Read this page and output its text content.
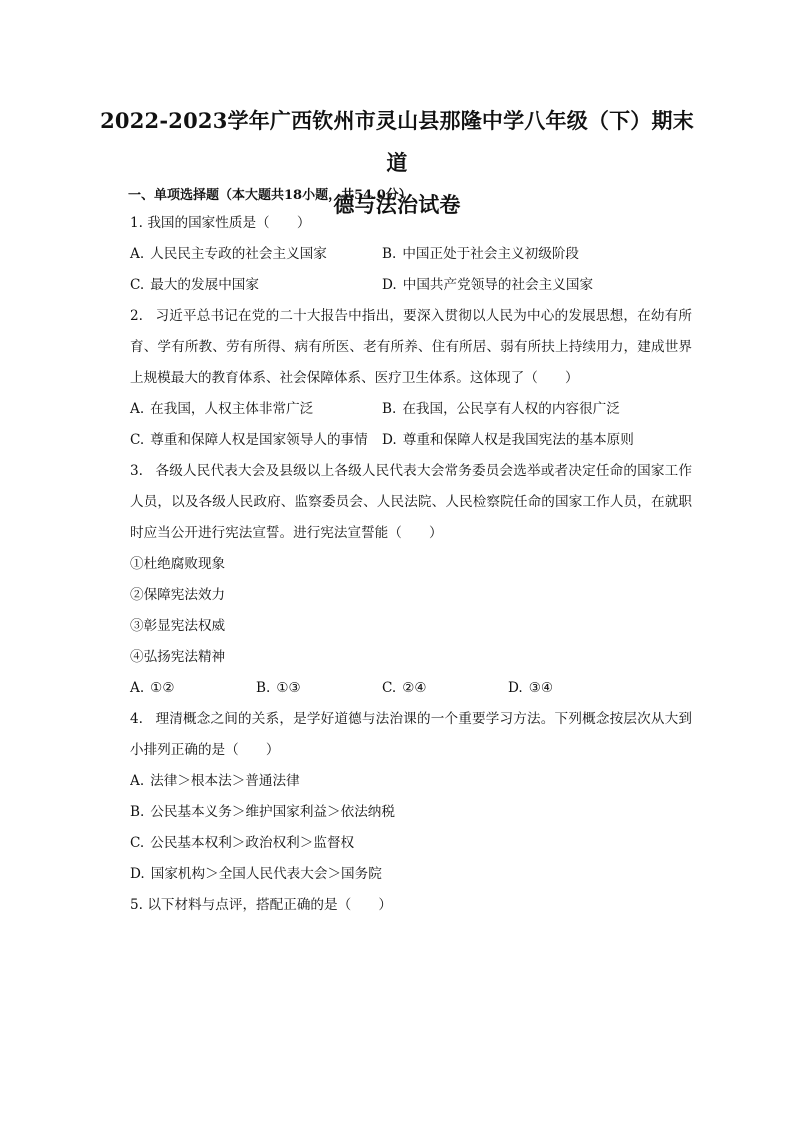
2022-2023学年广西钦州市灵山县那隆中学八年级（下）期末道
德与法治试卷
一、单项选择题（本大题共18小题，共54.0分）
1. 我国的国家性质是（　　）
A. 人民民主专政的社会主义国家	B. 中国正处于社会主义初级阶段
C. 最大的发展中国家	D. 中国共产党领导的社会主义国家
2. 习近平总书记在党的二十大报告中指出，要深入贯彻以人民为中心的发展思想，在幼有所育、学有所教、劳有所得、病有所医、老有所养、住有所居、弱有所扶上持续用力，建成世界上规模最大的教育体系、社会保障体系、医疗卫生体系。这体现了（　　）
A. 在我国，人权主体非常广泛	B. 在我国，公民享有人权的内容很广泛
C. 尊重和保障人权是国家领导人的事情	D. 尊重和保障人权是我国宪法的基本原则
3. 各级人民代表大会及县级以上各级人民代表大会常务委员会选举或者决定任命的国家工作人员，以及各级人民政府、监察委员会、人民法院、人民检察院任命的国家工作人员，在就职时应当公开进行宪法宣誓。进行宪法宣誓能（　　）
①杜绝腐败现象
②保障宪法效力
③彰显宪法权威
④弘扬宪法精神
A. ①②	B. ①③	C. ②④	D. ③④
4. 理清概念之间的关系，是学好道德与法治课的一个重要学习方法。下列概念按层次从大到小排列正确的是（　　）
A. 法律＞根本法＞普通法律
B. 公民基本义务＞维护国家利益＞依法纳税
C. 公民基本权利＞政治权利＞监督权
D. 国家机构＞全国人民代表大会＞国务院
5. 以下材料与点评，搭配正确的是（　　）
